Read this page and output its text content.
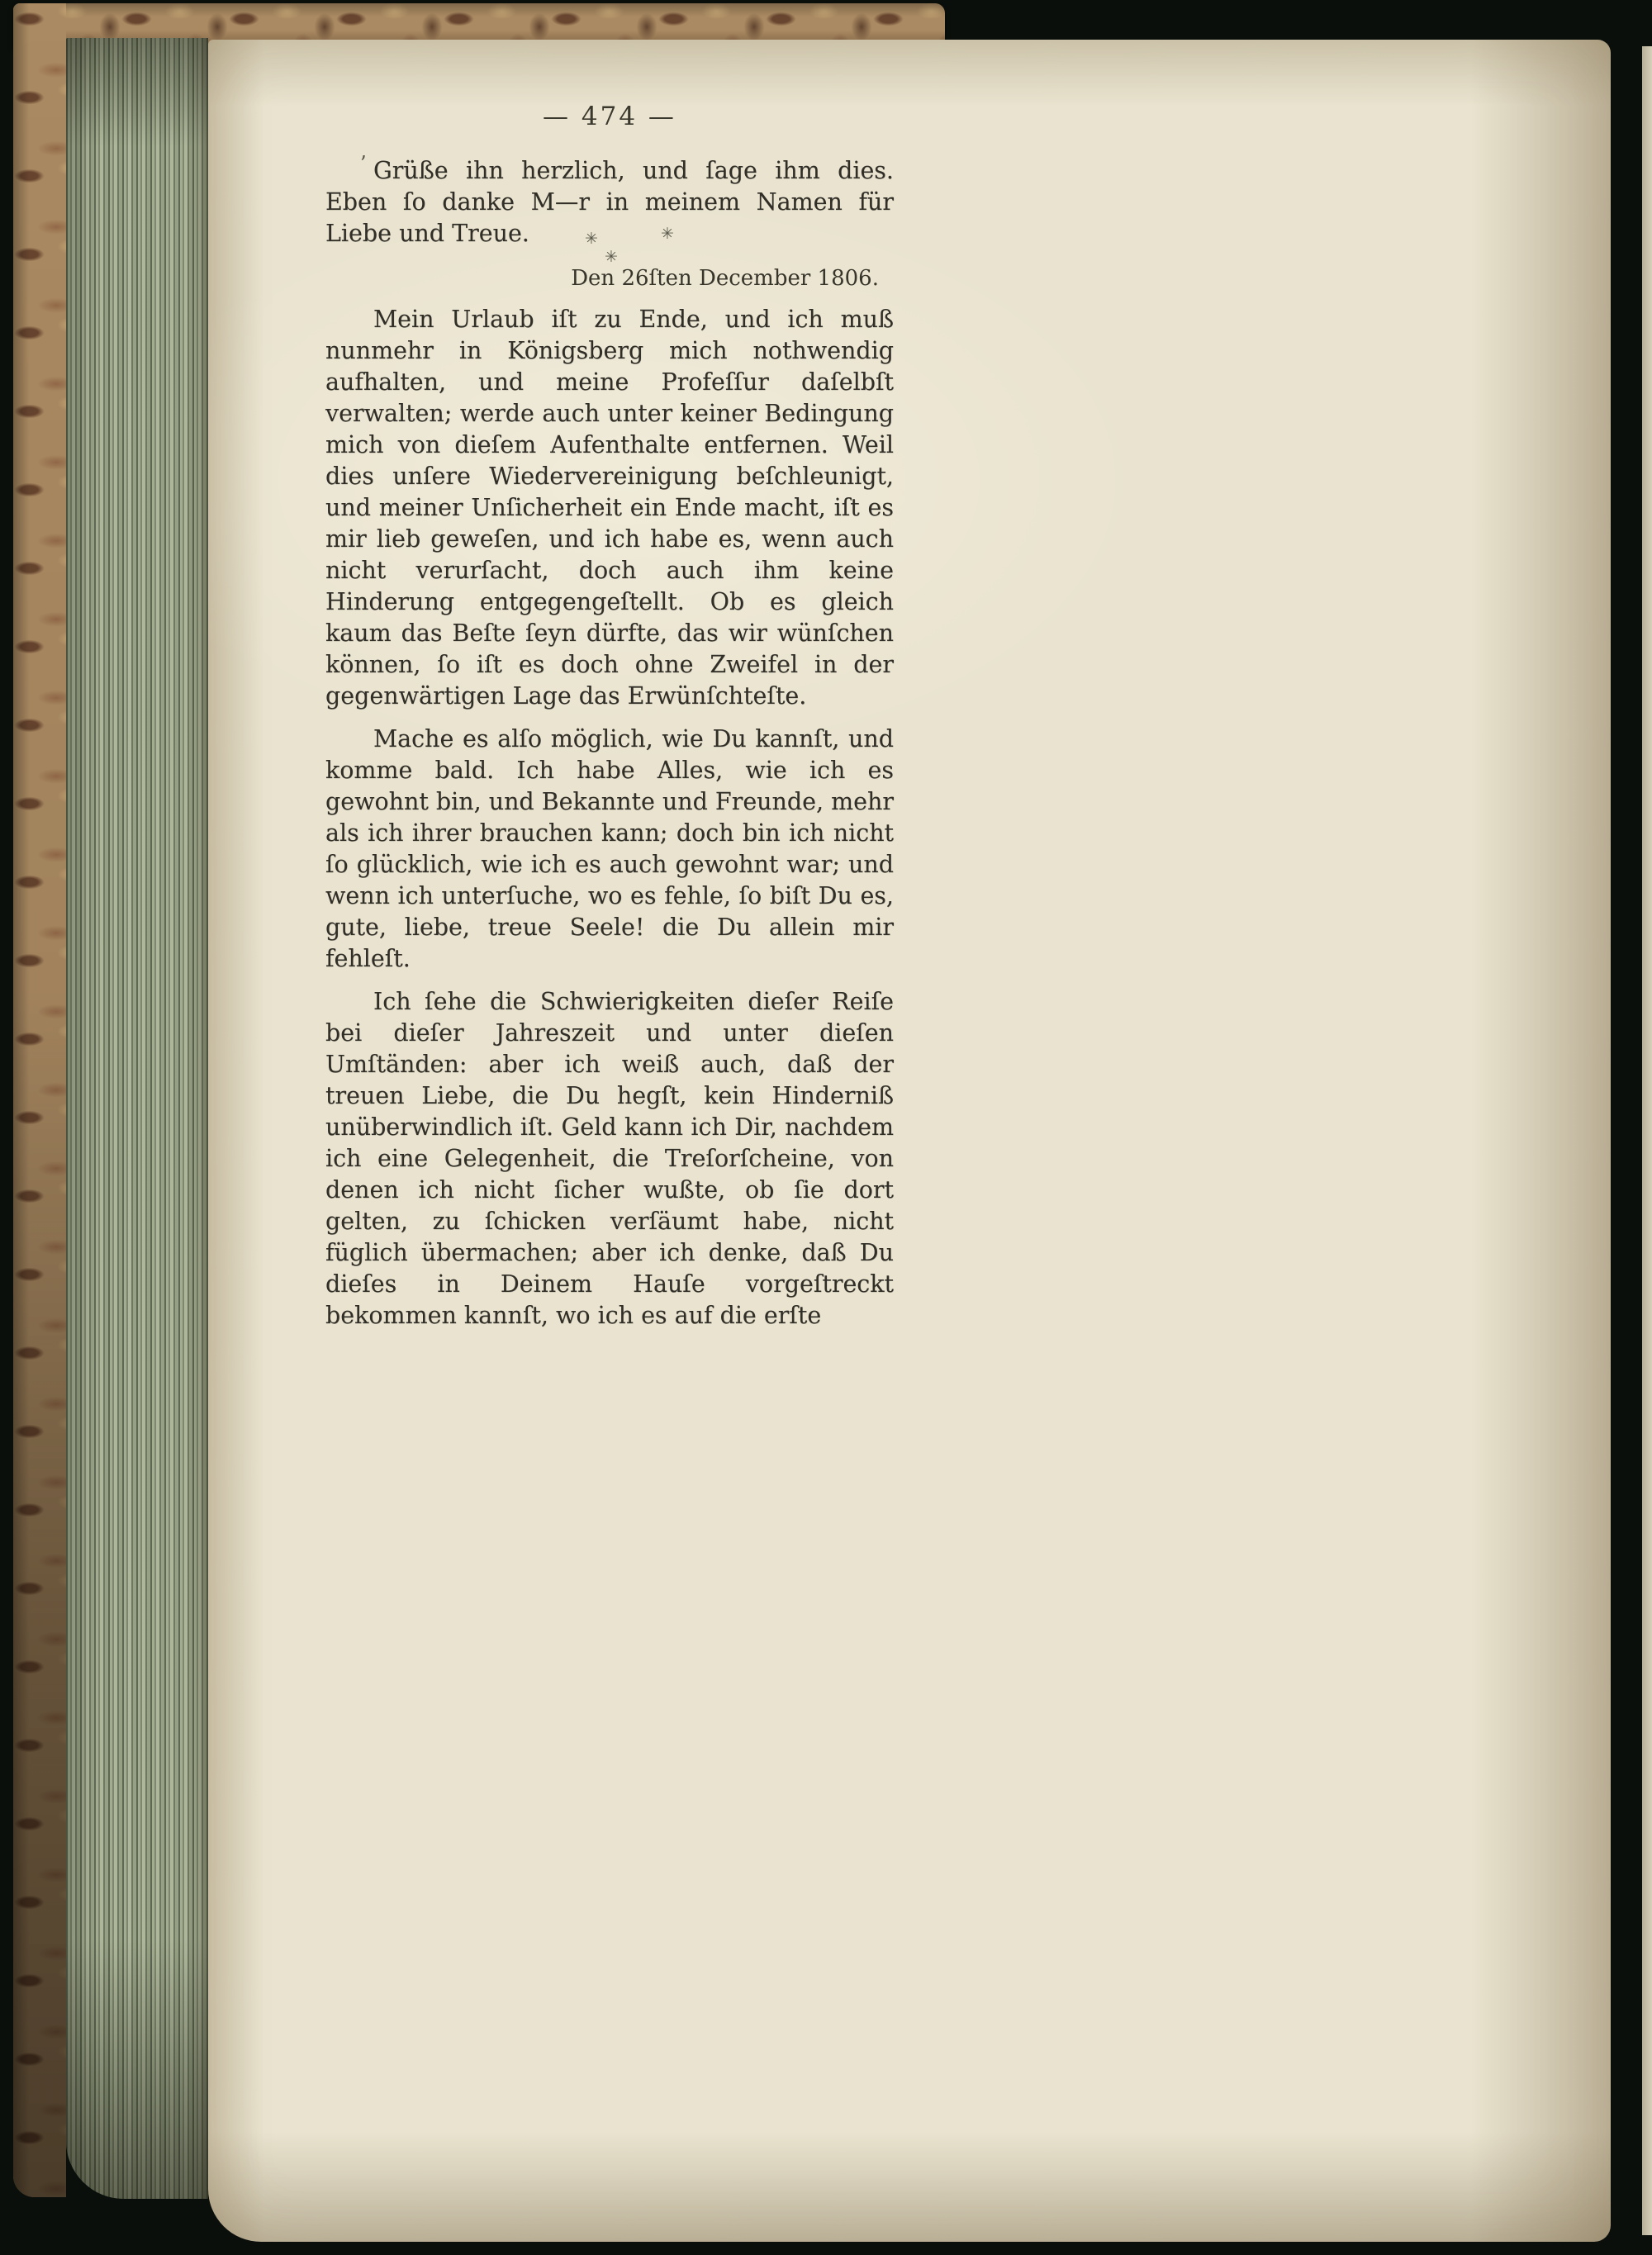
— 474 —
’ Grüße ihn herzlich, und ſage ihm dies. Eben ſo danke M—r in meinem Namen für Liebe und Treue.	✳	✳
✳
Den 26ſten December 1806.

Mein Urlaub iſt zu Ende, und ich muß nunmehr in Königsberg mich nothwendig aufhalten, und meine Profeſſur daſelbſt verwalten; werde auch unter keiner Bedingung mich von dieſem Aufenthalte entfernen. Weil dies unſere Wiedervereinigung beſchleunigt, und meiner Unſicherheit ein Ende macht, iſt es mir lieb geweſen, und ich habe es, wenn auch nicht verurſacht, doch auch ihm keine Hinderung entgegengeſtellt. Ob es gleich kaum das Beſte ſeyn dürfte, das wir wünſchen können, ſo iſt es doch ohne Zweifel in der gegenwärtigen Lage das Erwünſchteſte.

Mache es alſo möglich, wie Du kannſt, und komme bald. Ich habe Alles, wie ich es gewohnt bin, und Bekannte und Freunde, mehr als ich ihrer brauchen kann; doch bin ich nicht ſo glücklich, wie ich es auch gewohnt war; und wenn ich unterſuche, wo es fehle, ſo biſt Du es, gute, liebe, treue Seele! die Du allein mir fehleſt.

Ich ſehe die Schwierigkeiten dieſer Reiſe bei dieſer Jahreszeit und unter dieſen Umſtänden: aber ich weiß auch, daß der treuen Liebe, die Du hegſt, kein Hinderniß unüberwindlich iſt. Geld kann ich Dir, nachdem ich eine Gelegenheit, die Treſorſcheine, von denen ich nicht ſicher wußte, ob ſie dort gelten, zu ſchicken verſäumt habe, nicht füglich übermachen; aber ich denke, daß Du dieſes in Deinem Hauſe vorgeſtreckt bekommen kannſt, wo ich es auf die erſte
